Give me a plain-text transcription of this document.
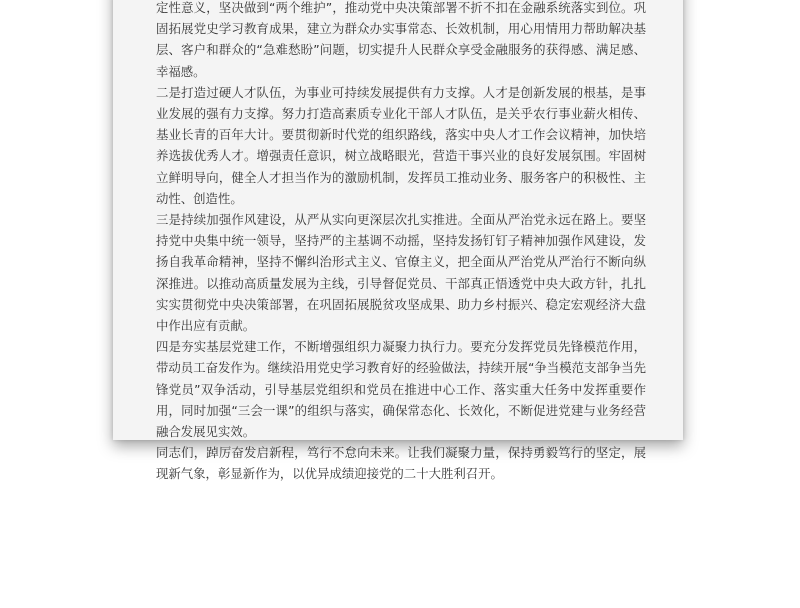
定性意义，坚决做到“两个维护”，推动党中央决策部署不折不扣在金融系统落实到位。巩固拓展党史学习教育成果，建立为群众办实事常态、长效机制，用心用情用力帮助解决基层、客户和群众的“急难愁盼”问题，切实提升人民群众享受金融服务的获得感、满足感、幸福感。

二是打造过硬人才队伍，为事业可持续发展提供有力支撑。人才是创新发展的根基，是事业发展的强有力支撑。努力打造高素质专业化干部人才队伍，是关乎农行事业薪火相传、基业长青的百年大计。要贯彻新时代党的组织路线，落实中央人才工作会议精神，加快培养选拔优秀人才。增强责任意识，树立战略眼光，营造干事兴业的良好发展氛围。牢固树立鲜明导向，健全人才担当作为的激励机制，发挥员工推动业务、服务客户的积极性、主动性、创造性。

三是持续加强作风建设，从严从实向更深层次扎实推进。全面从严治党永远在路上。要坚持党中央集中统一领导，坚持严的主基调不动摇，坚持发扬钉钉子精神加强作风建设，发扬自我革命精神，坚持不懈纠治形式主义、官僚主义，把全面从严治党从严治行不断向纵深推进。以推动高质量发展为主线，引导督促党员、干部真正悟透党中央大政方针，扎扎实实贯彻党中央决策部署，在巩固拓展脱贫攻坚成果、助力乡村振兴、稳定宏观经济大盘中作出应有贡献。

四是夯实基层党建工作，不断增强组织力凝聚力执行力。要充分发挥党员先锋模范作用，带动员工奋发作为。继续沿用党史学习教育好的经验做法，持续开展“争当模范支部争当先锋党员”双争活动，引导基层党组织和党员在推进中心工作、落实重大任务中发挥重要作用，同时加强“三会一课”的组织与落实，确保常态化、长效化，不断促进党建与业务经营融合发展见实效。

同志们，踔厉奋发启新程，笃行不怠向未来。让我们凝聚力量，保持勇毅笃行的坚定，展现新气象，彰显新作为，以优异成绩迎接党的二十大胜利召开。
